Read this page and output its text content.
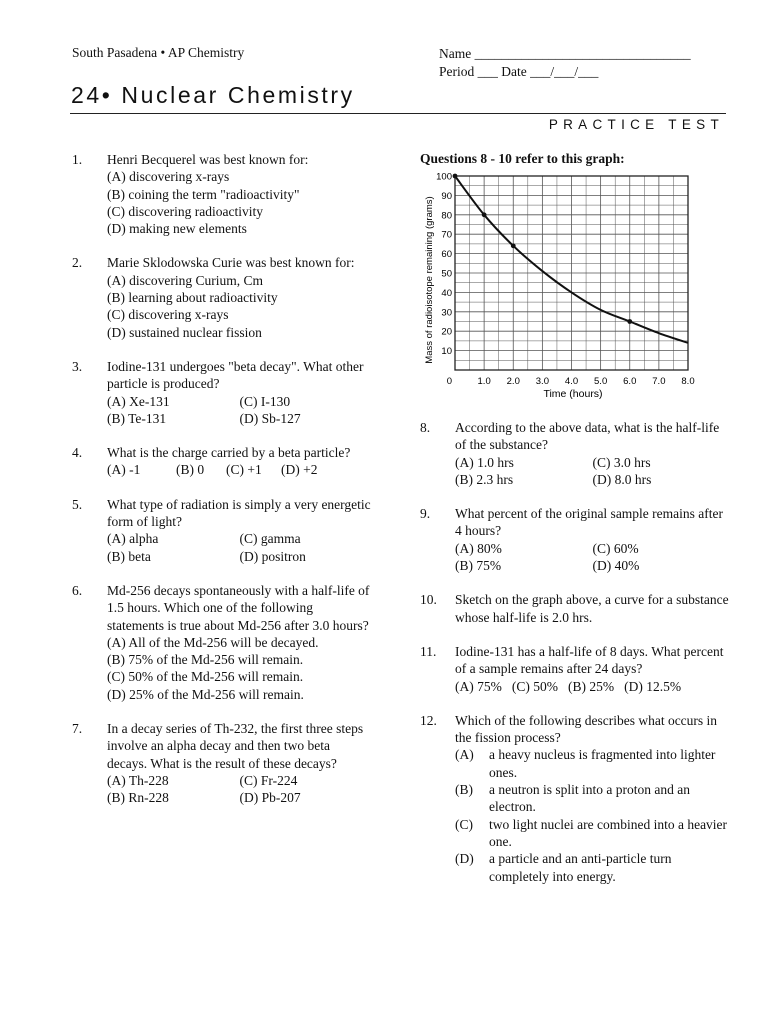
South Pasadena • AP Chemistry	Name ________________________________
Period ___ Date ___/___/___
24• Nuclear Chemistry
PRACTICE TEST
1. Henri Becquerel was best known for:
(A) discovering x-rays
(B) coining the term "radioactivity"
(C) discovering radioactivity
(D) making new elements
2. Marie Sklodowska Curie was best known for:
(A) discovering Curium, Cm
(B) learning about radioactivity
(C) discovering x-rays
(D) sustained nuclear fission
3. Iodine-131 undergoes "beta decay". What other particle is produced?
(A) Xe-131	(C) I-130
(B) Te-131	(D) Sb-127
4. What is the charge carried by a beta particle?
(A) -1	(B) 0	(C) +1	(D) +2
5. What type of radiation is simply a very energetic form of light?
(A) alpha	(C) gamma
(B) beta	(D) positron
6. Md-256 decays spontaneously with a half-life of 1.5 hours. Which one of the following statements is true about Md-256 after 3.0 hours?
(A) All of the Md-256 will be decayed.
(B) 75% of the Md-256 will remain.
(C) 50% of the Md-256 will remain.
(D) 25% of the Md-256 will remain.
7. In a decay series of Th-232, the first three steps involve an alpha decay and then two beta decays. What is the result of these decays?
(A) Th-228	(C) Fr-224
(B) Rn-228	(D) Pb-207
Questions 8 - 10 refer to this graph:
10
20
30
40
50
60
70
80
90
100
0	1.0 2.0 3.0 4.0 5.0 6.0 7.0 8.0
Time (hours)
Mass of radioisotope remaining (grams)
8. According to the above data, what is the half-life of the substance?
(A) 1.0 hrs	(C) 3.0 hrs
(B) 2.3 hrs	(D) 8.0 hrs
9. What percent of the original sample remains after 4 hours?
(A) 80%	(C) 60%
(B) 75%	(D) 40%
10. Sketch on the graph above, a curve for a substance whose half-life is 2.0 hrs.
11. Iodine-131 has a half-life of 8 days. What percent of a sample remains after 24 days?
(A) 75% (C) 50% (B) 25% (D) 12.5%
12. Which of the following describes what occurs in the fission process?
(A)	a heavy nucleus is fragmented into lighter ones.
(B)	a neutron is split into a proton and an electron.
(C)	two light nuclei are combined into a heavier one.
(D)	a particle and an anti-particle turn completely into energy.
